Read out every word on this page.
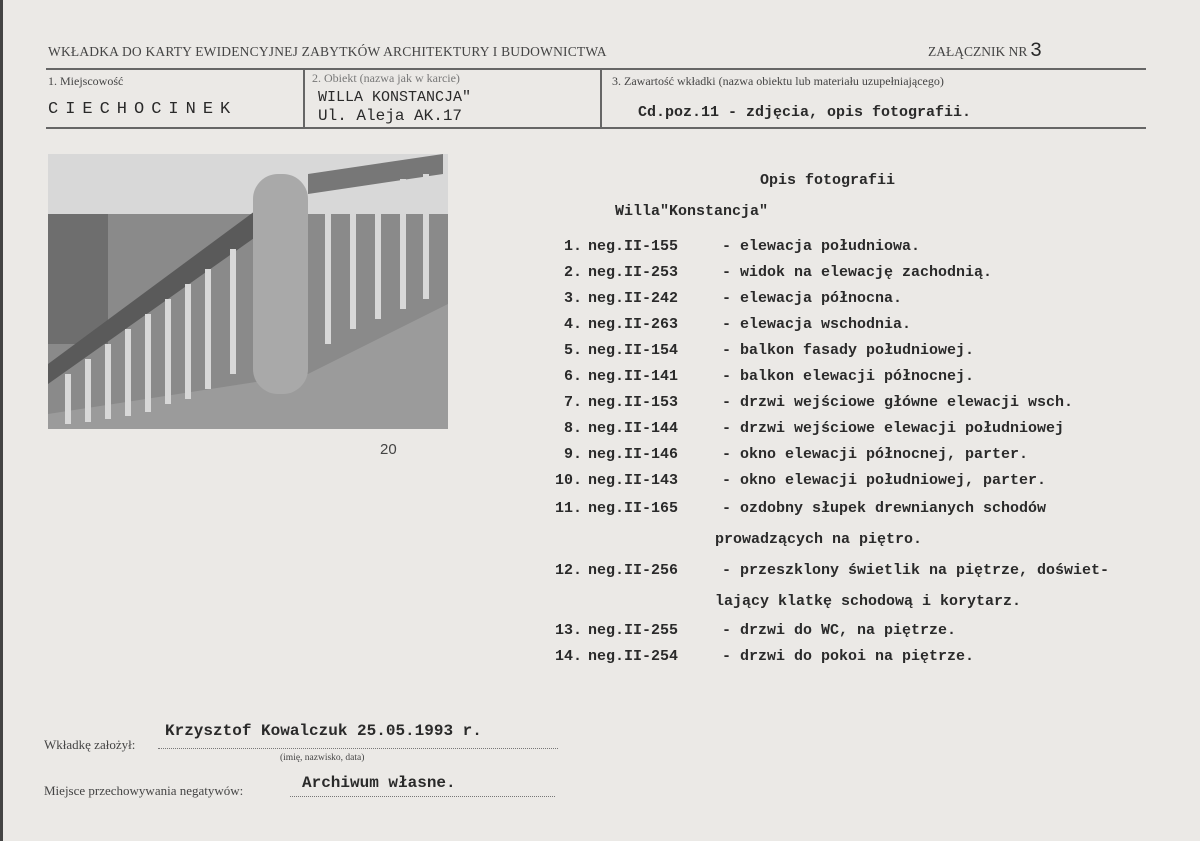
WKŁADKA DO KARTY EWIDENCYJNEJ ZABYTKÓW ARCHITEKTURY I BUDOWNICTWA	ZAŁĄCZNIK NR 3
1. Miejscowość
CIECHOCINEK
2. Obiekt (nazwa jak w karcie)
WILLA KONSTANCJA"
Ul. Aleja AK.17
3. Zawartość wkładki (nazwa obiektu lub materiału uzupełniającego)
Cd.poz.11 - zdjęcia, opis fotografii.
20
Opis fotografii
Willa"Konstancja"
1. neg.II-155	- elewacja południowa.
2. neg.II-253	- widok na elewację zachodnią.
3. neg.II-242	- elewacja północna.
4. neg.II-263	- elewacja wschodnia.
5. neg.II-154	- balkon fasady południowej.
6. neg.II-141	- balkon elewacji północnej.
7. neg.II-153	- drzwi wejściowe główne elewacji wsch.
8. neg.II-144	- drzwi wejściowe elewacji południowej
9. neg.II-146	- okno elewacji północnej, parter.
10. neg.II-143	- okno elewacji południowej, parter.
11. neg.II-165	- ozdobny słupek drewnianych schodów
prowadzących na piętro.
12. neg.II-256	- przeszklony świetlik na piętrze, doświet-
lający klatkę schodową i korytarz.
13. neg.II-255	- drzwi do WC, na piętrze.
14. neg.II-254	- drzwi do pokoi na piętrze.
Wkładkę założył:
Krzysztof Kowalczuk 25.05.1993 r.
(imię, nazwisko, data)
Miejsce przechowywania negatywów:	Archiwum własne.
